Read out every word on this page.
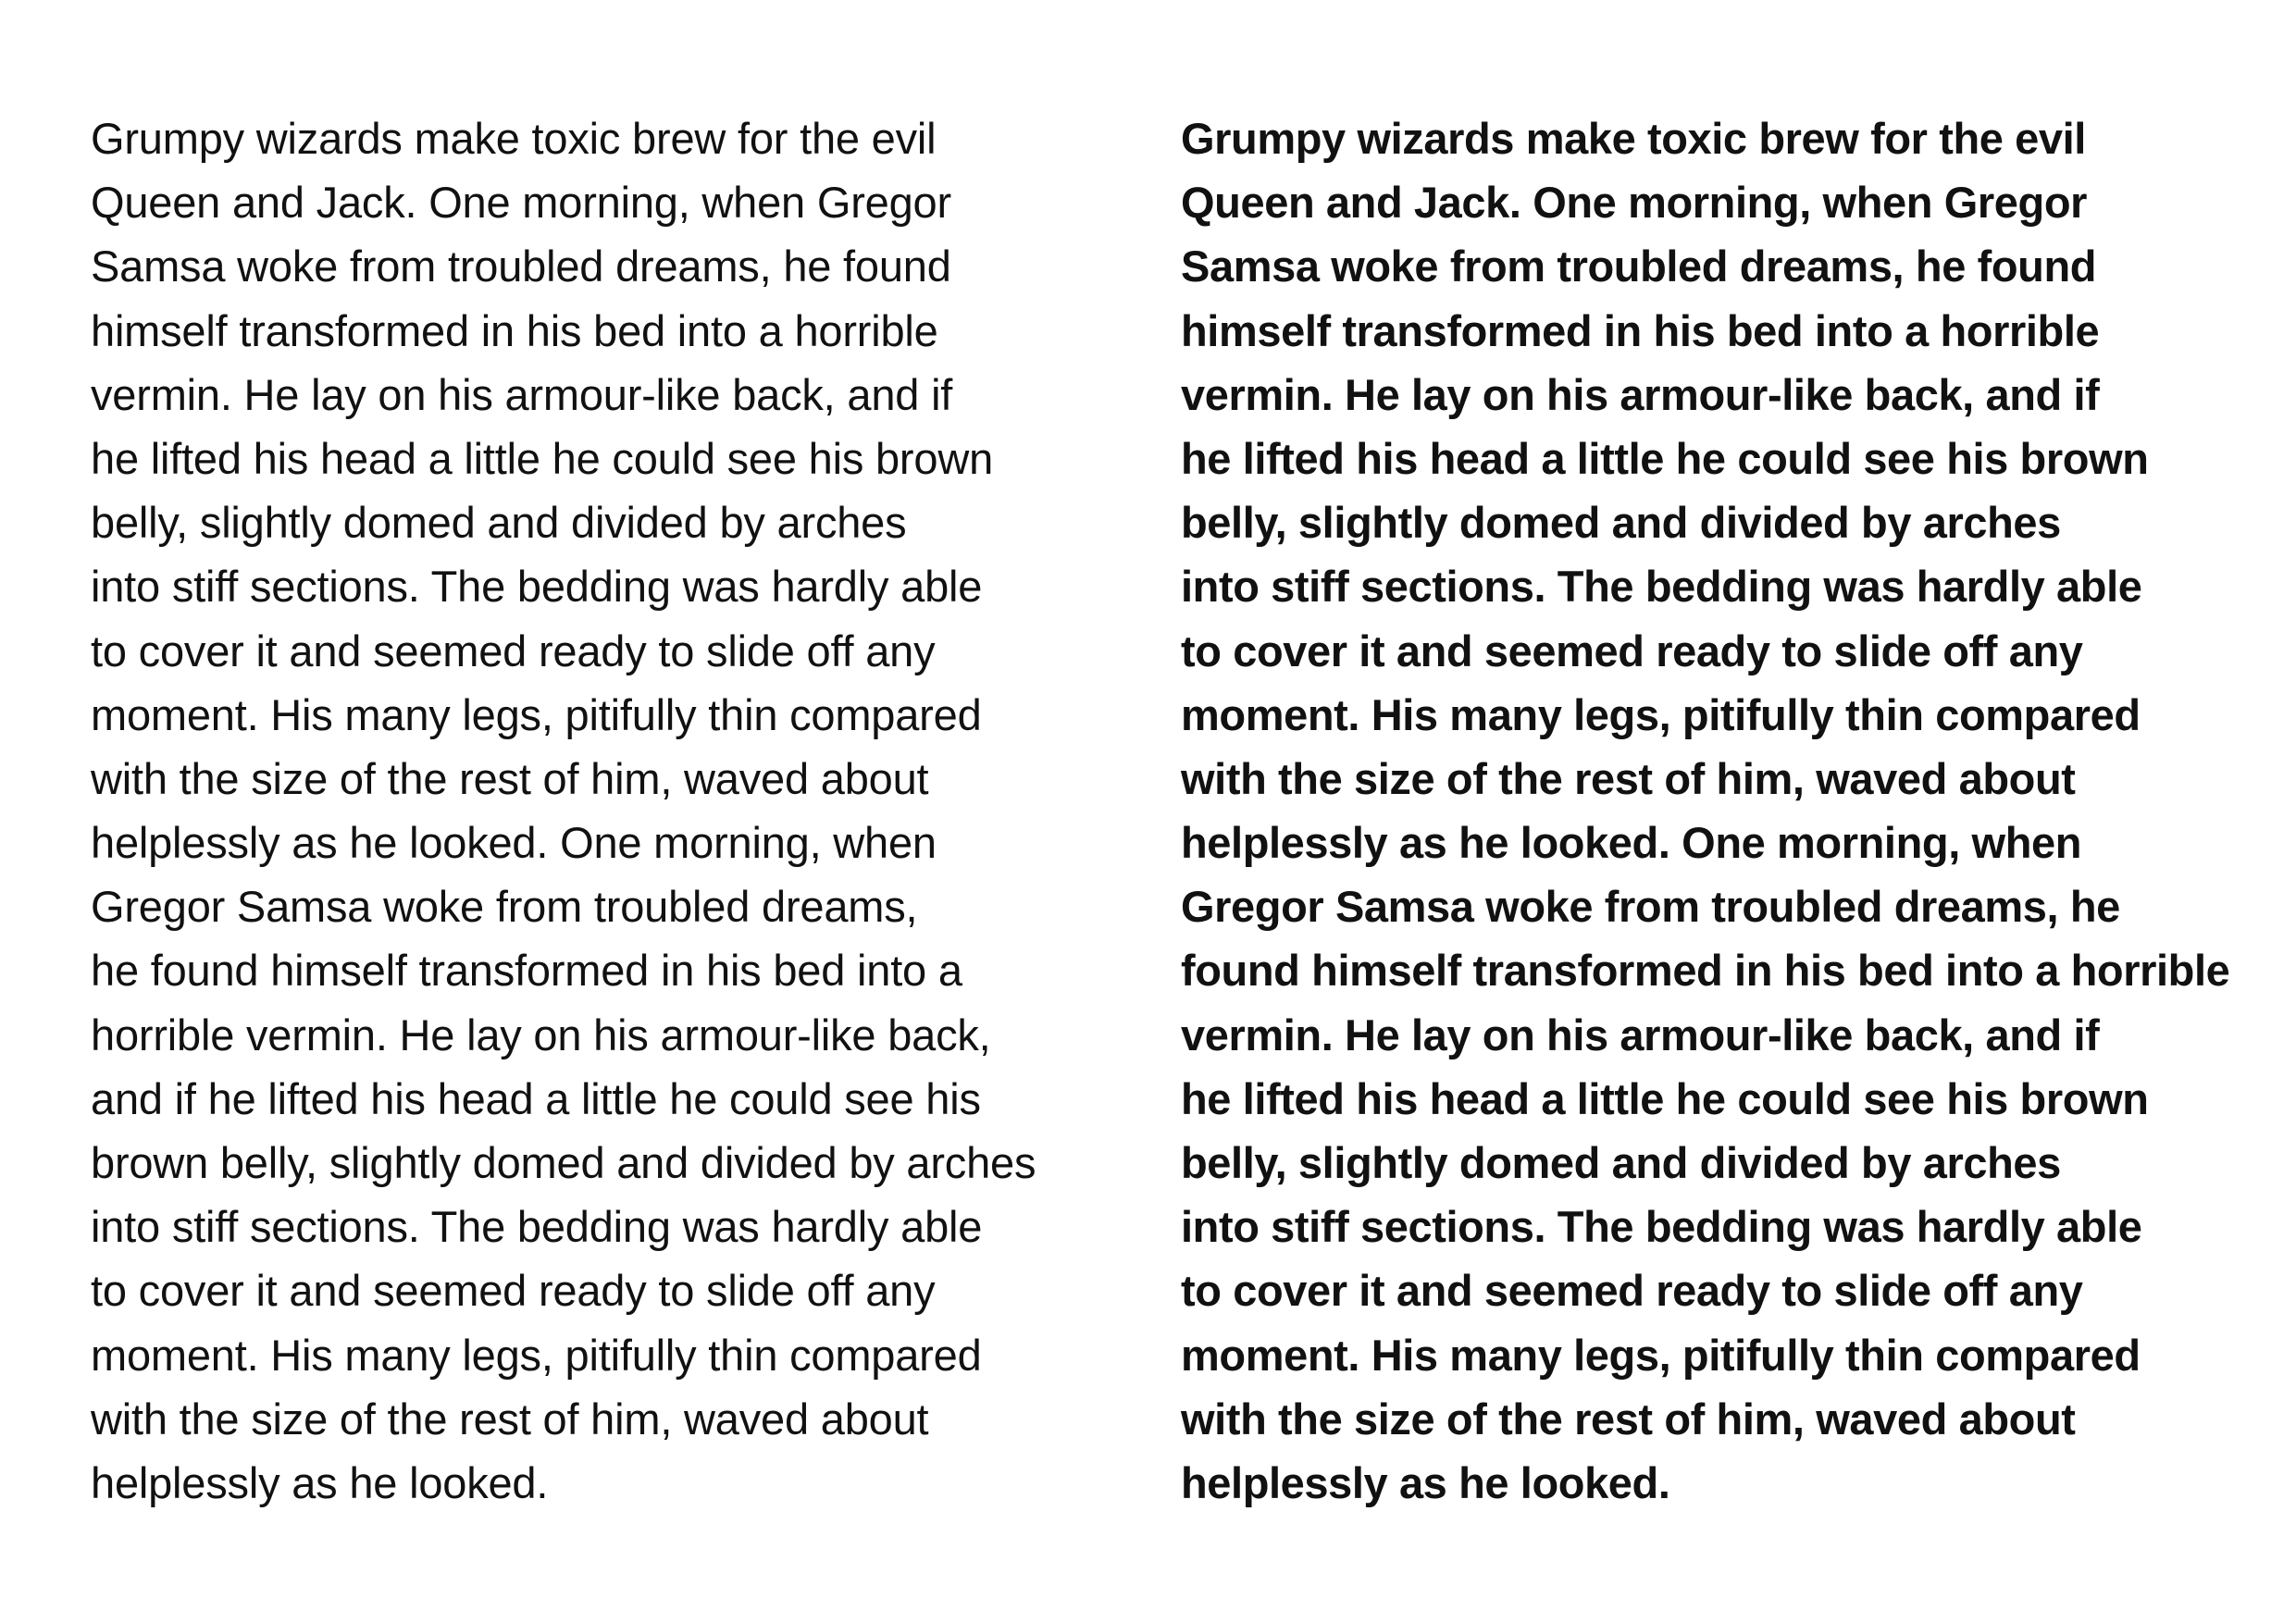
Grumpy wizards make toxic brew for the evil
Queen and Jack. One morning, when Gregor
Samsa woke from troubled dreams, he found
himself transformed in his bed into a horrible
vermin. He lay on his armour-like back, and if
he lifted his head a little he could see his brown
belly, slightly domed and divided by arches
into stiff sections. The bedding was hardly able
to cover it and seemed ready to slide off any
moment. His many legs, pitifully thin compared
with the size of the rest of him, waved about
helplessly as he looked. One morning, when
Gregor Samsa woke from troubled dreams,
he found himself transformed in his bed into a
horrible vermin. He lay on his armour-like back,
and if he lifted his head a little he could see his
brown belly, slightly domed and divided by arches
into stiff sections. The bedding was hardly able
to cover it and seemed ready to slide off any
moment. His many legs, pitifully thin compared
with the size of the rest of him, waved about
helplessly as he looked.
Grumpy wizards make toxic brew for the evil
Queen and Jack. One morning, when Gregor
Samsa woke from troubled dreams, he found
himself transformed in his bed into a horrible
vermin. He lay on his armour-like back, and if
he lifted his head a little he could see his brown
belly, slightly domed and divided by arches
into stiff sections. The bedding was hardly able
to cover it and seemed ready to slide off any
moment. His many legs, pitifully thin compared
with the size of the rest of him, waved about
helplessly as he looked. One morning, when
Gregor Samsa woke from troubled dreams, he
found himself transformed in his bed into a horrible
vermin. He lay on his armour-like back, and if
he lifted his head a little he could see his brown
belly, slightly domed and divided by arches
into stiff sections. The bedding was hardly able
to cover it and seemed ready to slide off any
moment. His many legs, pitifully thin compared
with the size of the rest of him, waved about
helplessly as he looked.
